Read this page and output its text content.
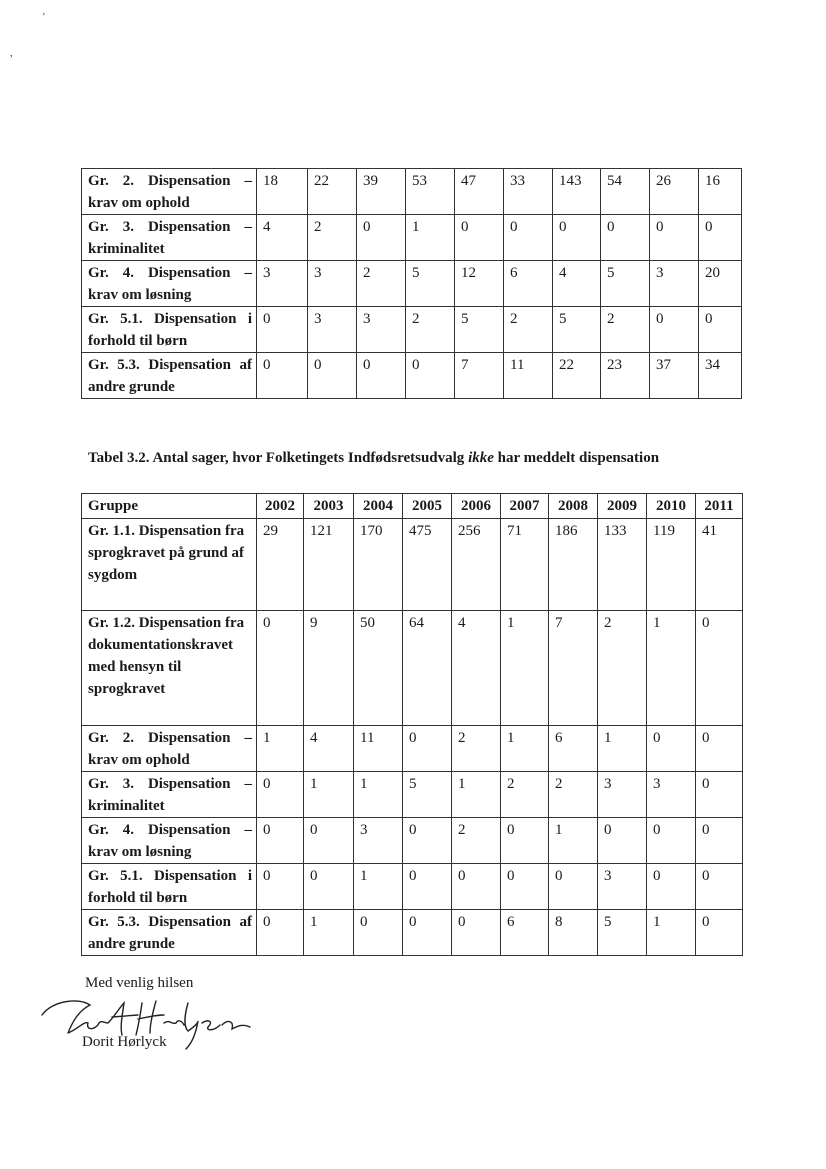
'
,
Gr. 2. Dispensation – krav om ophold	18	22	39	53	47	33	143	54	26	16
Gr. 3. Dispensation – kriminalitet	4	2	0	1	0	0	0	0	0	0
Gr. 4. Dispensation – krav om løsning	3	3	2	5	12	6	4	5	3	20
Gr. 5.1. Dispensation i forhold til børn	0	3	3	2	5	2	5	2	0	0
Gr. 5.3. Dispensation af andre grunde	0	0	0	0	7	11	22	23	37	34
Tabel 3.2. Antal sager, hvor Folketingets Indfødsretsudvalg ikke har meddelt dispensation
Gruppe	2002	2003	2004	2005	2006	2007	2008	2009	2010	2011
Gr. 1.1. Dispensation fra sprogkravet på grund af sygdom	29	121	170	475	256	71	186	133	119	41
Gr. 1.2. Dispensation fra dokumentationskravet med hensyn til sprogkravet	0	9	50	64	4	1	7	2	1	0
Gr. 2. Dispensation – krav om ophold	1	4	11	0	2	1	6	1	0	0
Gr. 3. Dispensation – kriminalitet	0	1	1	5	1	2	2	3	3	0
Gr. 4. Dispensation – krav om løsning	0	0	3	0	2	0	1	0	0	0
Gr. 5.1. Dispensation i forhold til børn	0	0	1	0	0	0	0	3	0	0
Gr. 5.3. Dispensation af andre grunde	0	1	0	0	0	6	8	5	1	0
Med venlig hilsen
Dorit Hørlyck
